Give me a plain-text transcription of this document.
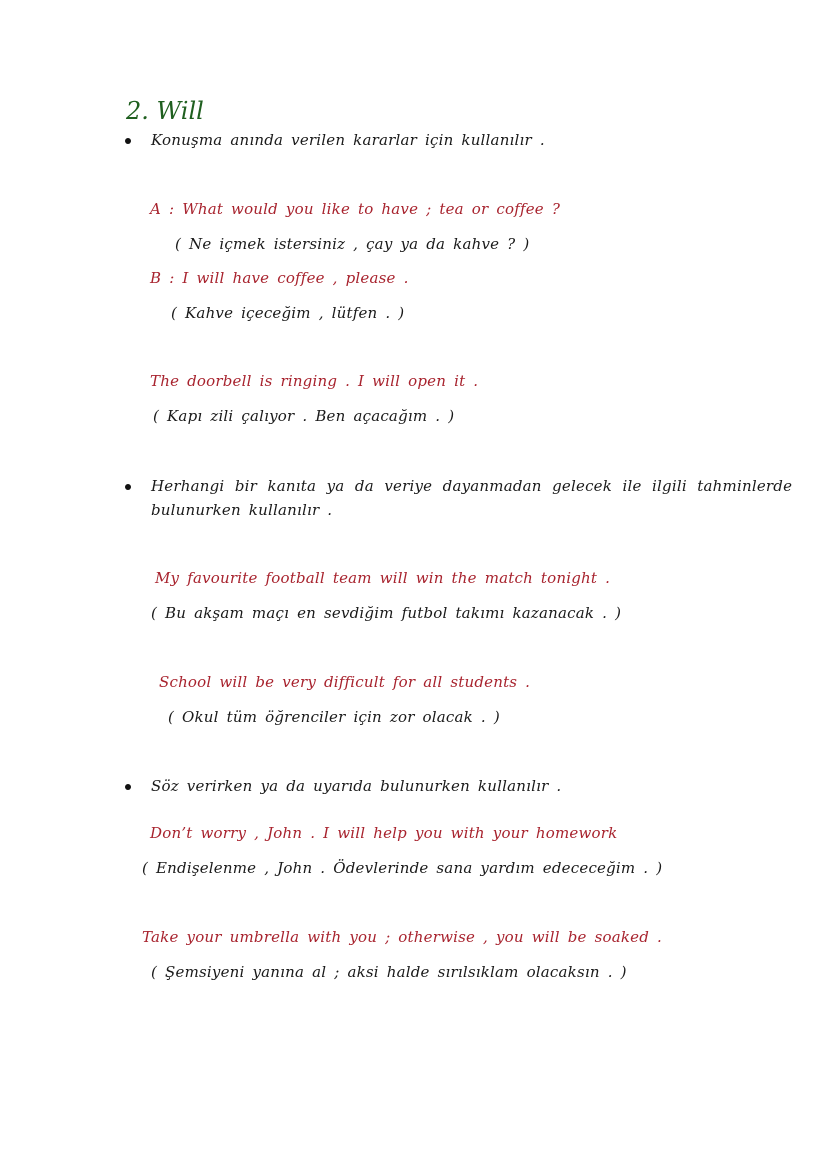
2. Will
Konuşma anında verilen kararlar için kullanılır .
A : What would you like to have ; tea or coffee ?
( Ne içmek istersiniz , çay ya da kahve ? )
B : I will have coffee , please .
( Kahve içeceğim , lütfen . )
The doorbell is ringing . I will open it .
( Kapı zili çalıyor . Ben açacağım . )
Herhangi bir kanıta ya da veriye dayanmadan gelecek ile ilgili tahminlerde
bulunurken kullanılır .
My favourite football team will win the match tonight .
( Bu akşam maçı en sevdiğim futbol takımı kazanacak . )
School will be very difficult for all students .
( Okul tüm öğrenciler için zor olacak . )
Söz verirken ya da uyarıda bulunurken kullanılır .
Don’t worry , John . I will help you with your homework
( Endişelenme , John . Ödevlerinde sana yardım edececeğim . )
Take your umbrella with you ; otherwise , you will be soaked .
( Şemsiyeni yanına al ; aksi halde sırılsıklam olacaksın . )
